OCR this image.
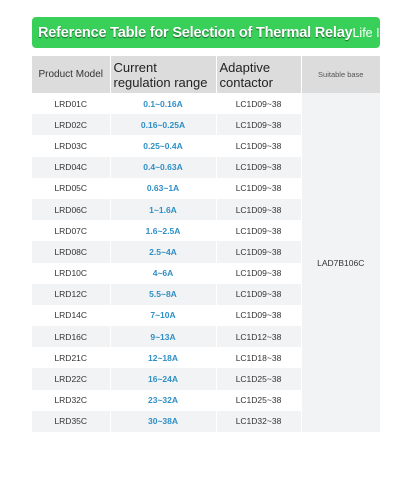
Reference Table for Selection of Thermal Relay Life Is n
Product Model	Current regulation range	Adaptive contactor	Suitable base
LRD01C	0.1~0.16A	LC1D09~38	LAD7B106C
LRD02C	0.16~0.25A	LC1D09~38	
LRD03C	0.25~0.4A	LC1D09~38	
LRD04C	0.4~0.63A	LC1D09~38	
LRD05C	0.63~1A	LC1D09~38	
LRD06C	1~1.6A	LC1D09~38	
LRD07C	1.6~2.5A	LC1D09~38	
LRD08C	2.5~4A	LC1D09~38	
LRD10C	4~6A	LC1D09~38	
LRD12C	5.5~8A	LC1D09~38	
LRD14C	7~10A	LC1D09~38	
LRD16C	9~13A	LC1D12~38	
LRD21C	12~18A	LC1D18~38	
LRD22C	16~24A	LC1D25~38	
LRD32C	23~32A	LC1D25~38	
LRD35C	30~38A	LC1D32~38	
